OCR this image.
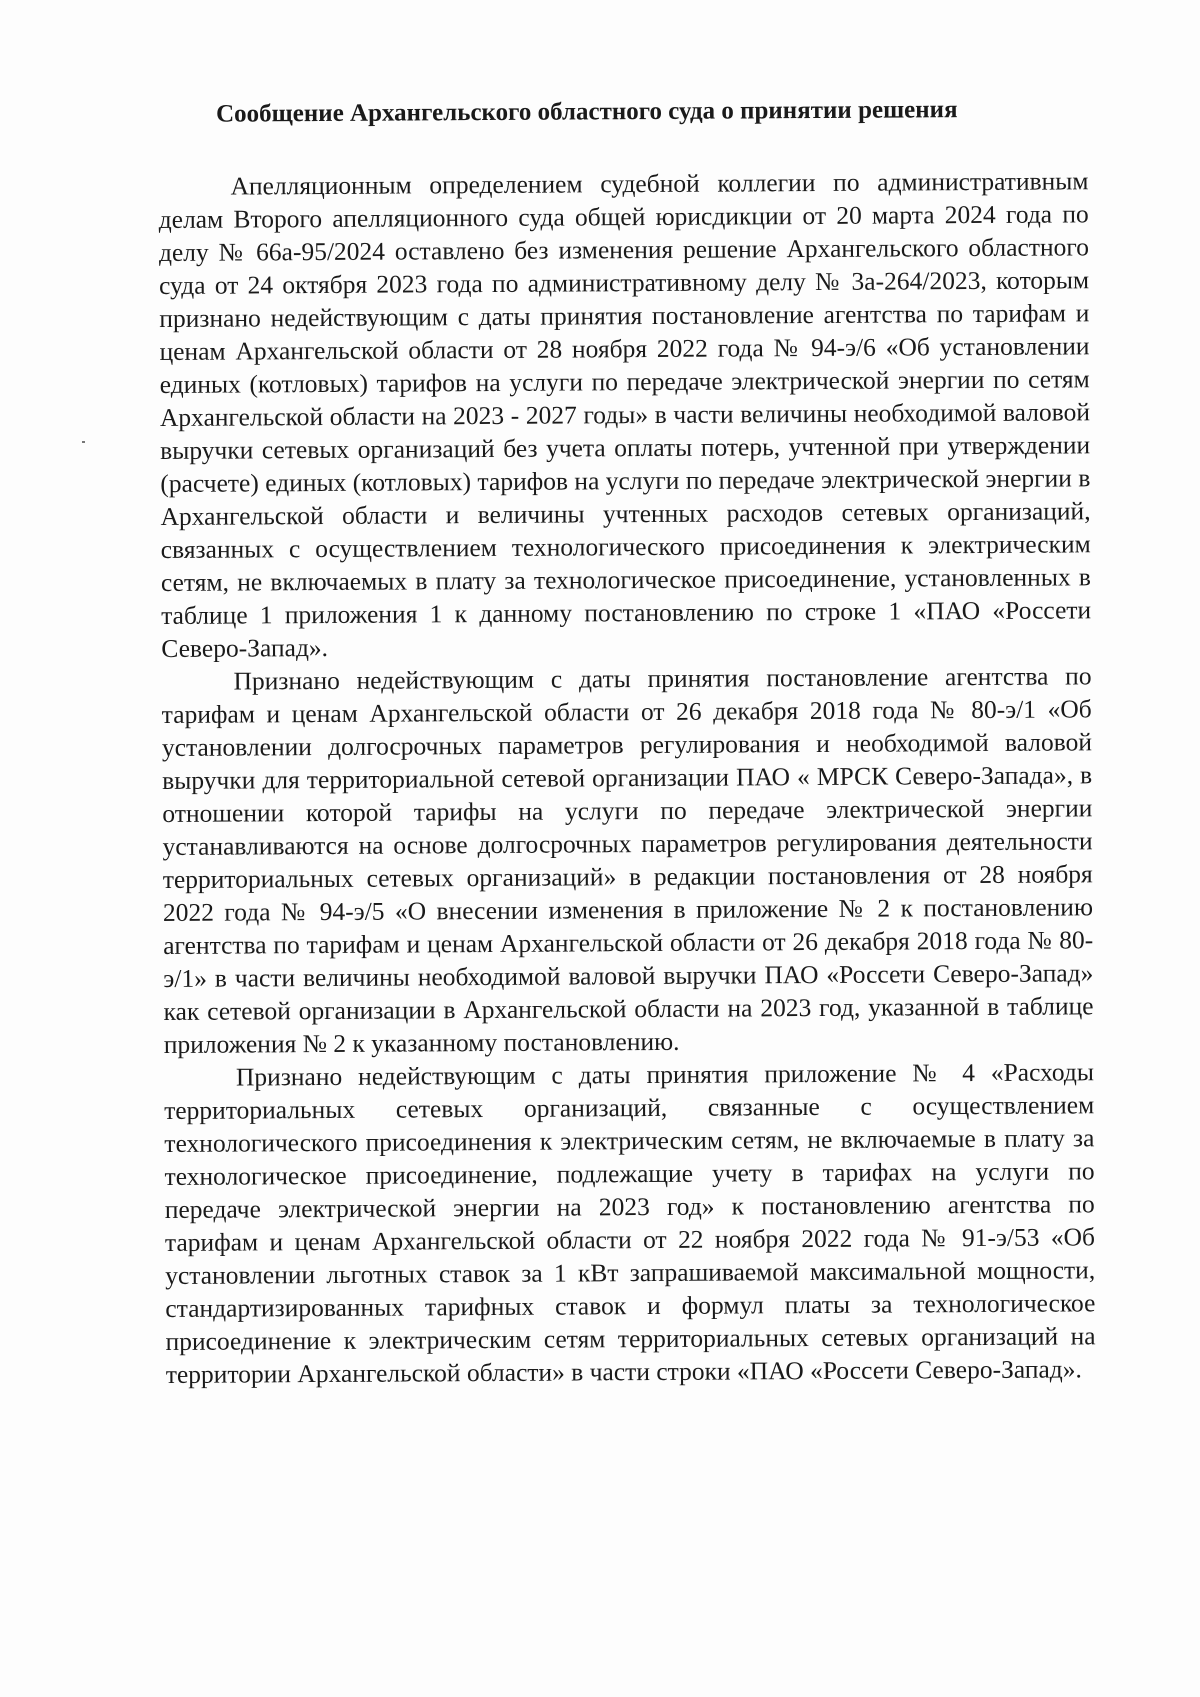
Сообщение Архангельского областного суда о принятии решения

Апелляционным определением судебной коллегии по административным делам Второго апелляционного суда общей юрисдикции от 20 марта 2024 года по делу № 66а-95/2024 оставлено без изменения решение Архангельского областного суда от 24 октября 2023 года по административному делу № 3а-264/2023, которым признано недействующим с даты принятия постановление агентства по тарифам и ценам Архангельской области от 28 ноября 2022 года № 94-э/6 «Об установлении единых (котловых) тарифов на услуги по передаче электрической энергии по сетям Архангельской области на 2023 - 2027 годы» в части величины необходимой валовой выручки сетевых организаций без учета оплаты потерь, учтенной при утверждении (расчете) единых (котловых) тарифов на услуги по передаче электрической энергии в Архангельской области и величины учтенных расходов сетевых организаций, связанных с осуществлением технологического присоединения к электрическим сетям, не включаемых в плату за технологическое присоединение, установленных в таблице 1 приложения 1 к данному постановлению по строке 1 «ПАО «Россети Северо-Запад».

Признано недействующим с даты принятия постановление агентства по тарифам и ценам Архангельской области от 26 декабря 2018 года № 80-э/1 «Об установлении долгосрочных параметров регулирования и необходимой валовой выручки для территориальной сетевой организации ПАО « МРСК Северо-Запада», в отношении которой тарифы на услуги по передаче электрической энергии устанавливаются на основе долгосрочных параметров регулирования деятельности территориальных сетевых организаций» в редакции постановления от 28 ноября 2022 года № 94-э/5 «О внесении изменения в приложение № 2 к постановлению агентства по тарифам и ценам Архангельской области от 26 декабря 2018 года № 80-э/1» в части величины необходимой валовой выручки ПАО «Россети Северо-Запад» как сетевой организации в Архангельской области на 2023 год, указанной в таблице приложения № 2 к указанному постановлению.

Признано недействующим с даты принятия приложение № 4 «Расходы территориальных сетевых организаций, связанные с осуществлением технологического присоединения к электрическим сетям, не включаемые в плату за технологическое присоединение, подлежащие учету в тарифах на услуги по передаче электрической энергии на 2023 год» к постановлению агентства по тарифам и ценам Архангельской области от 22 ноября 2022 года № 91-э/53 «Об установлении льготных ставок за 1 кВт запрашиваемой максимальной мощности, стандартизированных тарифных ставок и формул платы за технологическое присоединение к электрическим сетям территориальных сетевых организаций на территории Архангельской области» в части строки «ПАО «Россети Северо-Запад».
